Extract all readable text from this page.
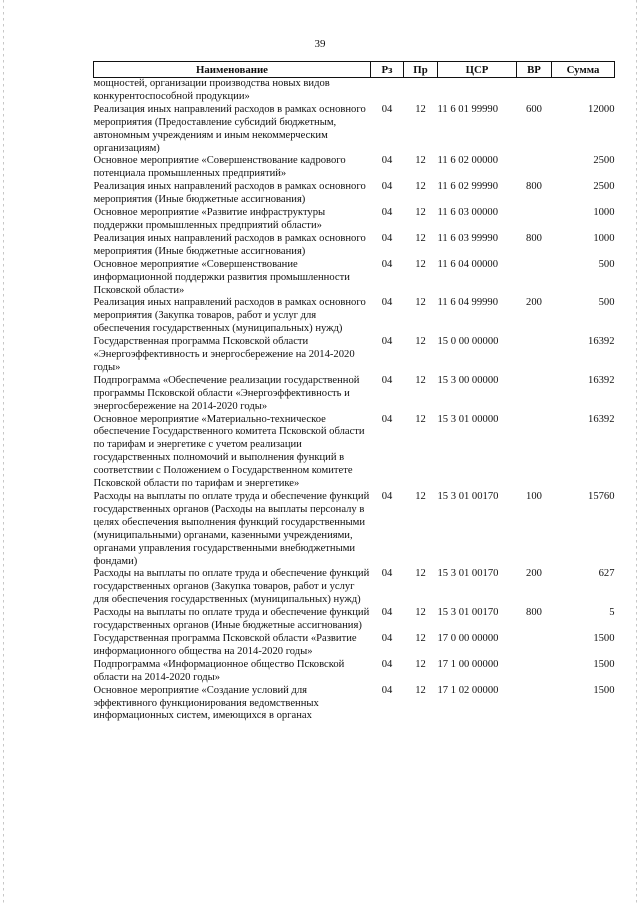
39
Наименование	Рз	Пр	ЦСР	ВР	Сумма
мощностей, организации производства новых видов конкурентоспособной продукции»					
Реализация иных направлений расходов в рамках основного мероприятия (Предоставление субсидий бюджетным, автономным учреждениям и иным некоммерческим организациям)	04	12	11 6 01 99990	600	12000
Основное мероприятие «Совершенствование кадрового потенциала промышленных предприятий»	04	12	11 6 02 00000		2500
Реализация иных направлений расходов в рамках основного мероприятия (Иные бюджетные ассигнования)	04	12	11 6 02 99990	800	2500
Основное мероприятие «Развитие инфраструктуры поддержки промышленных предприятий области»	04	12	11 6 03 00000		1000
Реализация иных направлений расходов в рамках основного мероприятия (Иные бюджетные ассигнования)	04	12	11 6 03 99990	800	1000
Основное мероприятие «Совершенствование информационной поддержки развития промышленности Псковской области»	04	12	11 6 04 00000		500
Реализация иных направлений расходов в рамках основного мероприятия (Закупка товаров, работ и услуг для обеспечения государственных (муниципальных) нужд)	04	12	11 6 04 99990	200	500
Государственная программа Псковской области «Энергоэффективность и энергосбережение на 2014-2020 годы»	04	12	15 0 00 00000		16392
Подпрограмма «Обеспечение реализации государственной программы Псковской области «Энергоэффективность и энергосбережение на 2014-2020 годы»	04	12	15 3 00 00000		16392
Основное мероприятие «Материально-техническое обеспечение Государственного комитета Псковской области по тарифам и энергетике с учетом реализации государственных полномочий и выполнения функций в соответствии с Положением о Государственном комитете Псковской области по тарифам и энергетике»	04	12	15 3 01 00000		16392
Расходы на выплаты по оплате труда и обеспечение функций государственных органов (Расходы на выплаты персоналу в целях обеспечения выполнения функций государственными (муниципальными) органами, казенными учреждениями, органами управления государственными внебюджетными фондами)	04	12	15 3 01 00170	100	15760
Расходы на выплаты по оплате труда и обеспечение функций государственных органов (Закупка товаров, работ и услуг для обеспечения государственных (муниципальных) нужд)	04	12	15 3 01 00170	200	627
Расходы на выплаты по оплате труда и обеспечение функций государственных органов (Иные бюджетные ассигнования)	04	12	15 3 01 00170	800	5
Государственная программа Псковской области «Развитие информационного общества на 2014-2020 годы»	04	12	17 0 00 00000		1500
Подпрограмма «Информационное общество Псковской области на 2014-2020 годы»	04	12	17 1 00 00000		1500
Основное мероприятие «Создание условий для эффективного функционирования ведомственных информационных систем, имеющихся в органах	04	12	17 1 02 00000		1500
